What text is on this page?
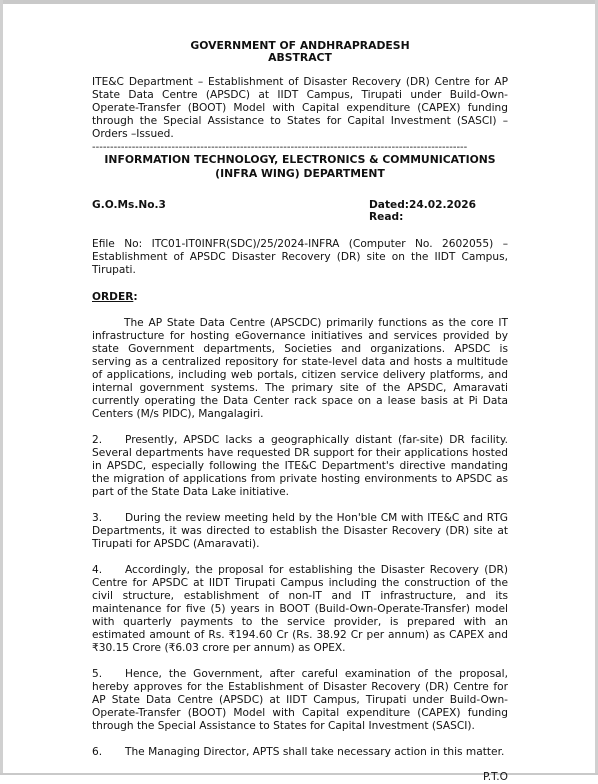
GOVERNMENT OF ANDHRAPRADESH
ABSTRACT
ITE&C Department – Establishment of Disaster Recovery (DR) Centre for AP State Data Centre (APSDC) at IIDT Campus, Tirupati under Build-Own-Operate-Transfer (BOOT) Model with Capital expenditure (CAPEX) funding through the Special Assistance to States for Capital Investment (SASCI) – Orders –Issued.
--------------------------------------------------------------------------------------------------------
INFORMATION TECHNOLOGY, ELECTRONICS & COMMUNICATIONS
(INFRA WING) DEPARTMENT
G.O.Ms.No.3	Dated:24.02.2026
Read:
Efile No: ITC01-IT0INFR(SDC)/25/2024-INFRA (Computer No. 2602055) – Establishment of APSDC Disaster Recovery (DR) site on the IIDT Campus, Tirupati.
ORDER:

The AP State Data Centre (APSCDC) primarily functions as the core IT infrastructure for hosting eGovernance initiatives and services provided by state Government departments, Societies and organizations. APSDC is serving as a centralized repository for state-level data and hosts a multitude of applications, including web portals, citizen service delivery platforms, and internal government systems. The primary site of the APSDC, Amaravati currently operating the Data Center rack space on a lease basis at Pi Data Centers (M/s PIDC), Mangalagiri.

2. Presently, APSDC lacks a geographically distant (far-site) DR facility. Several departments have requested DR support for their applications hosted in APSDC, especially following the ITE&C Department's directive mandating the migration of applications from private hosting environments to APSDC as part of the State Data Lake initiative.

3. During the review meeting held by the Hon'ble CM with ITE&C and RTG Departments, it was directed to establish the Disaster Recovery (DR) site at Tirupati for APSDC (Amaravati).

4. Accordingly, the proposal for establishing the Disaster Recovery (DR) Centre for APSDC at IIDT Tirupati Campus including the construction of the civil structure, establishment of non-IT and IT infrastructure, and its maintenance for five (5) years in BOOT (Build-Own-Operate-Transfer) model with quarterly payments to the service provider, is prepared with an estimated amount of Rs. ₹194.60 Cr (Rs. 38.92 Cr per annum) as CAPEX and ₹30.15 Crore (₹6.03 crore per annum) as OPEX.

5. Hence, the Government, after careful examination of the proposal, hereby approves for the Establishment of Disaster Recovery (DR) Centre for AP State Data Centre (APSDC) at IIDT Campus, Tirupati under Build-Own-Operate-Transfer (BOOT) Model with Capital expenditure (CAPEX) funding through the Special Assistance to States for Capital Investment (SASCI).

6. The Managing Director, APTS shall take necessary action in this matter.

P.T.O
